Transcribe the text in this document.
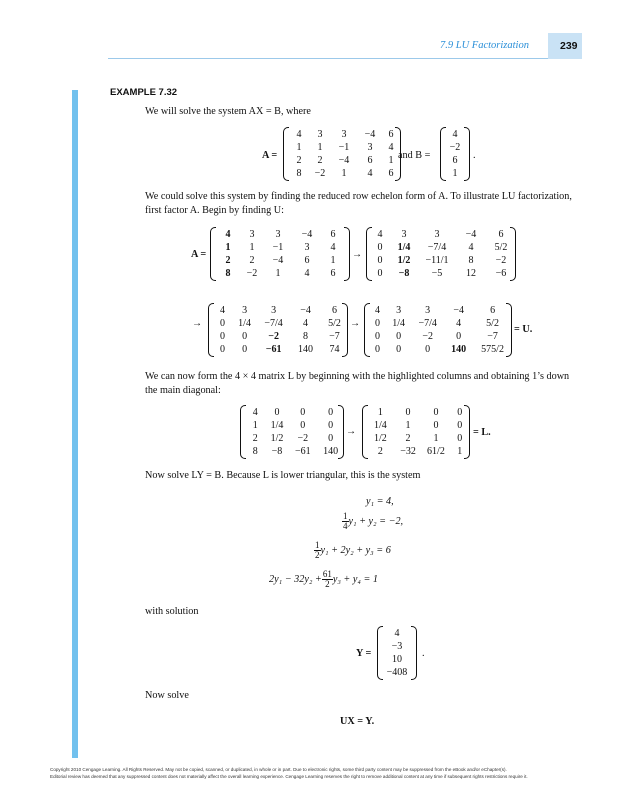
7.9 LU Factorization	239
EXAMPLE 7.32
We will solve the system AX = B, where
A =
4	3	3	−4	6
1	1	−1	3	4
2	2	−4	6	1
8	−2	1	4	6
and B =
4
−2
6
1
.
We could solve this system by finding the reduced row echelon form of A. To illustrate LU factorization, first factor A. Begin by finding U:
A =
4	3	3	−4	6
1	1	−1	3	4
2	2	−4	6	1
8	−2	1	4	6
→
4	3	3	−4	6
0	1/4	−7/4	4	5/2
0	1/2	−11/1	8	−2
0	−8	−5	12	−6
→
4	3	3	−4	6
0	1/4	−7/4	4	5/2
0	0	−2	8	−7
0	0	−61	140	74
→
4	3	3	−4	6
0	1/4	−7/4	4	5/2
0	0	−2	0	−7
0	0	0	140	575/2
= U.
We can now form the 4 × 4 matrix L by beginning with the highlighted columns and obtaining 1’s down the main diagonal:
4	0	0	0
1	1/4	0	0
2	1/2	−2	0
8	−8	−61	140
→
1	0	0	0
1/4	1	0	0
1/2	2	1	0
2	−32	61/2	1
= L.
Now solve LY = B. Because L is lower triangular, this is the system
y₁ = 4,
$\frac{1}{4} y_1 + y_2 = -2$,
$\frac{1}{2} y_1 + 2y_2 + y_3 = 6$
$2y_1 - 32y_2 + \frac{61}{2} y_3 + y_4 = 1$
with solution
Y =
4
−3
10
−408
.
Now solve
UX = Y.
Copyright 2010 Cengage Learning. All Rights Reserved. May not be copied, scanned, or duplicated, in whole or in part. Due to electronic rights, some third party content may be suppressed from the eBook and/or eChapter(s).
Editorial review has deemed that any suppressed content does not materially affect the overall learning experience. Cengage Learning reserves the right to remove additional content at any time if subsequent rights restrictions require it.
